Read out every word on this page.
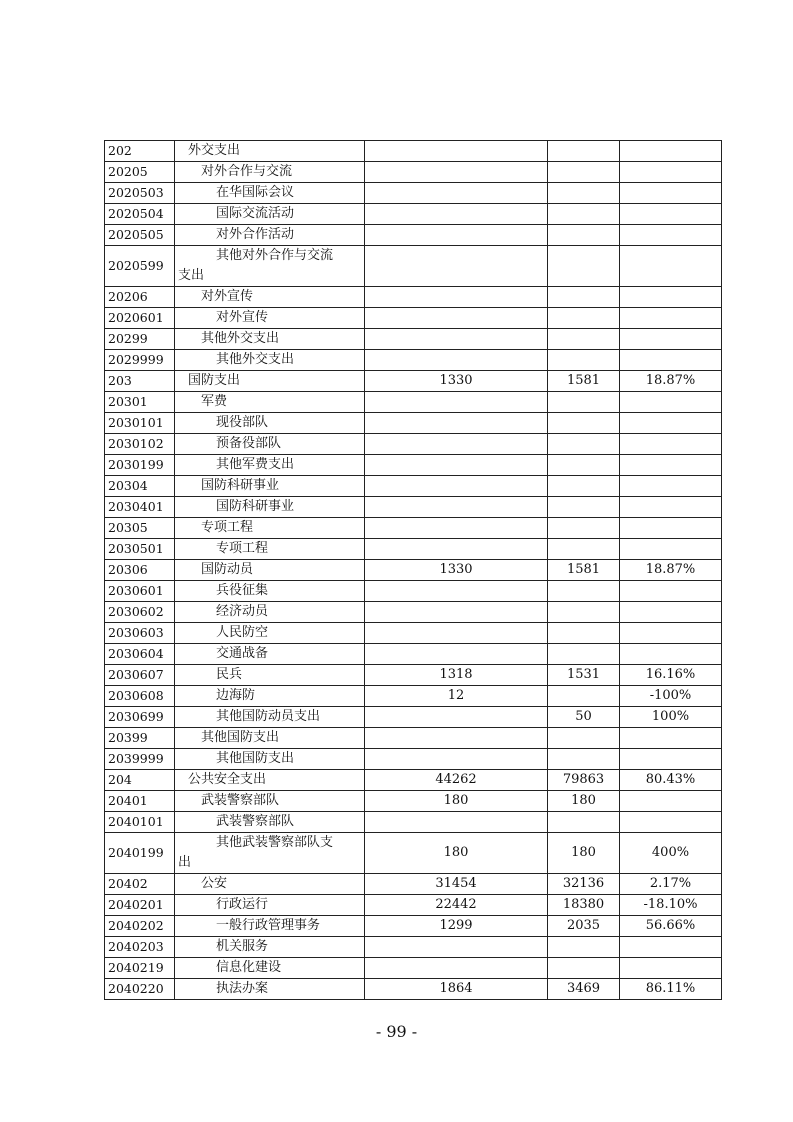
202	外交支出			
20205	对外合作与交流			
2020503	在华国际会议			
2020504	国际交流活动			
2020505	对外合作活动			
2020599	其他对外合作与交流
支出			

20206	对外宣传			
2020601	对外宣传			
20299	其他外交支出			
2029999	其他外交支出			
203	国防支出	1330	1581	18.87%
20301	军费			
2030101	现役部队			
2030102	预备役部队			
2030199	其他军费支出			
20304	国防科研事业			
2030401	国防科研事业			
20305	专项工程			
2030501	专项工程			
20306	国防动员	1330	1581	18.87%
2030601	兵役征集			
2030602	经济动员			
2030603	人民防空			
2030604	交通战备			
2030607	民兵	1318	1531	16.16%
2030608	边海防	12		-100%
2030699	其他国防动员支出		50	100%
20399	其他国防支出			
2039999	其他国防支出			
204	公共安全支出	44262	79863	80.43%
20401	武装警察部队	180	180	
2040101	武装警察部队			
2040199	其他武装警察部队支
出	180	180	400%
20402	公安	31454	32136	2.17%
2040201	行政运行	22442	18380	-18.10%
2040202	一般行政管理事务	1299	2035	56.66%
2040203	机关服务			
2040219	信息化建设			
2040220	执法办案	1864	3469	86.11%
- 99 -
